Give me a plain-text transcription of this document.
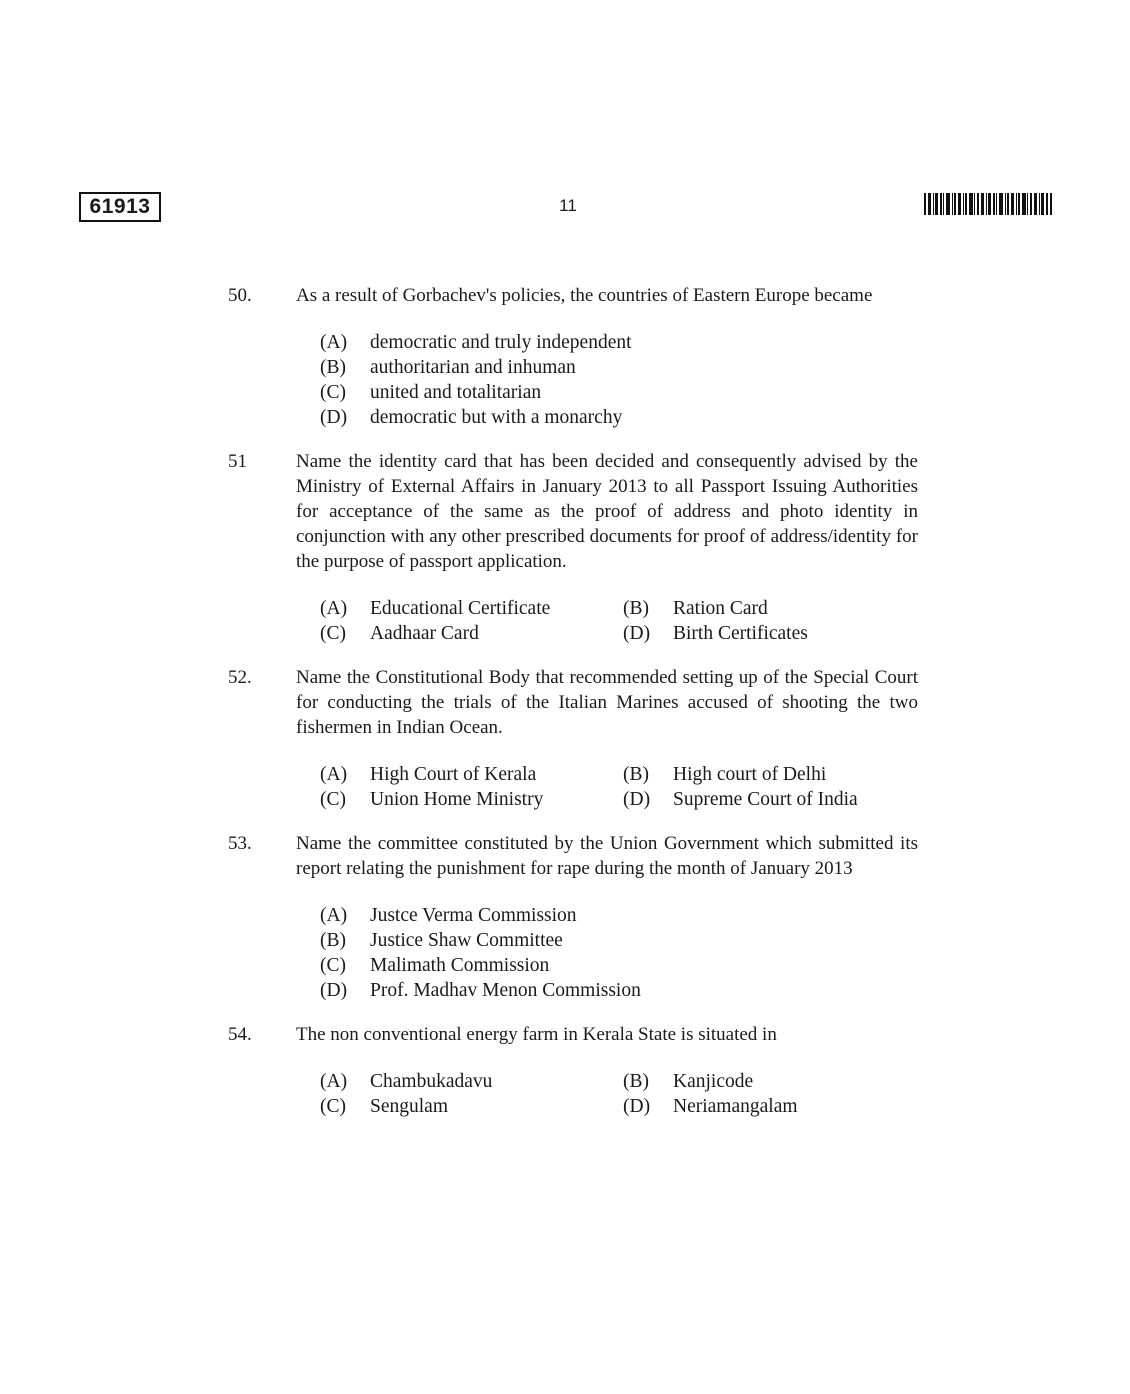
61913	11
50. As a result of Gorbachev's policies, the countries of Eastern Europe became
(A)	democratic and truly independent
(B)	authoritarian and inhuman
(C)	united and totalitarian
(D)	democratic but with a monarchy
51	Name the identity card that has been decided and consequently advised by the Ministry of External Affairs in January 2013 to all Passport Issuing Authorities for acceptance of the same as the proof of address and photo identity in conjunction with any other prescribed documents for proof of address/identity for the purpose of passport application.
(A)	Educational Certificate	(B)	Ration Card
(C)	Aadhaar Card	(D)	Birth Certificates
52. Name the Constitutional Body that recommended setting up of the Special Court for conducting the trials of the Italian Marines accused of shooting the two fishermen in Indian Ocean.
(A)	High Court of Kerala	(B)	High court of Delhi
(C)	Union Home Ministry	(D)	Supreme Court of India
53. Name the committee constituted by the Union Government which submitted its report relating the punishment for rape during the month of January 2013
(A)	Justce Verma Commission
(B)	Justice Shaw Committee
(C)	Malimath Commission
(D)	Prof. Madhav Menon Commission
54. The non conventional energy farm in Kerala State is situated in
(A)	Chambukadavu	(B)	Kanjicode
(C)	Sengulam	(D)	Neriamangalam
